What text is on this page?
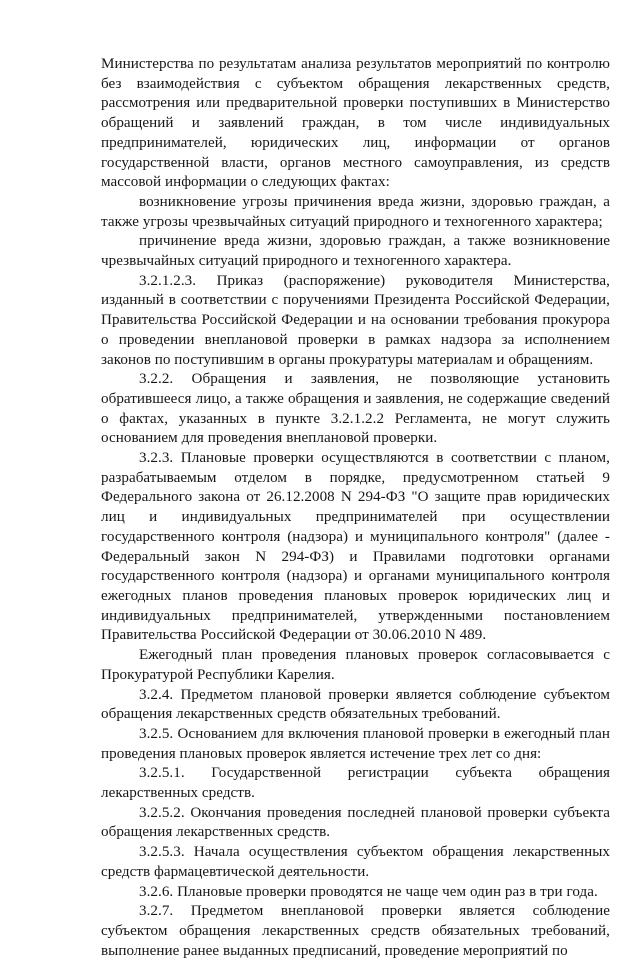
Министерства по результатам анализа результатов мероприятий по контролю без взаимодействия с субъектом обращения лекарственных средств, рассмотрения или предварительной проверки поступивших в Министерство обращений и заявлений граждан, в том числе индивидуальных предпринимателей, юридических лиц, информации от органов государственной власти, органов местного самоуправления, из средств массовой информации о следующих фактах:

возникновение угрозы причинения вреда жизни, здоровью граждан, а также угрозы чрезвычайных ситуаций природного и техногенного характера;

причинение вреда жизни, здоровью граждан, а также возникновение чрезвычайных ситуаций природного и техногенного характера.

3.2.1.2.3. Приказ (распоряжение) руководителя Министерства, изданный в соответствии с поручениями Президента Российской Федерации, Правительства Российской Федерации и на основании требования прокурора о проведении внеплановой проверки в рамках надзора за исполнением законов по поступившим в органы прокуратуры материалам и обращениям.

3.2.2. Обращения и заявления, не позволяющие установить обратившееся лицо, а также обращения и заявления, не содержащие сведений о фактах, указанных в пункте 3.2.1.2.2 Регламента, не могут служить основанием для проведения внеплановой проверки.

3.2.3. Плановые проверки осуществляются в соответствии с планом, разрабатываемым отделом в порядке, предусмотренном статьей 9 Федерального закона от 26.12.2008 N 294-ФЗ "О защите прав юридических лиц и индивидуальных предпринимателей при осуществлении государственного контроля (надзора) и муниципального контроля" (далее - Федеральный закон N 294-ФЗ) и Правилами подготовки органами государственного контроля (надзора) и органами муниципального контроля ежегодных планов проведения плановых проверок юридических лиц и индивидуальных предпринимателей, утвержденными постановлением Правительства Российской Федерации от 30.06.2010 N 489.

Ежегодный план проведения плановых проверок согласовывается с Прокуратурой Республики Карелия.

3.2.4. Предметом плановой проверки является соблюдение субъектом обращения лекарственных средств обязательных требований.

3.2.5. Основанием для включения плановой проверки в ежегодный план проведения плановых проверок является истечение трех лет со дня:

3.2.5.1. Государственной регистрации субъекта обращения лекарственных средств.

3.2.5.2. Окончания проведения последней плановой проверки субъекта обращения лекарственных средств.

3.2.5.3. Начала осуществления субъектом обращения лекарственных средств фармацевтической деятельности.

3.2.6. Плановые проверки проводятся не чаще чем один раз в три года.

3.2.7. Предметом внеплановой проверки является соблюдение субъектом обращения лекарственных средств обязательных требований, выполнение ранее выданных предписаний, проведение мероприятий по
